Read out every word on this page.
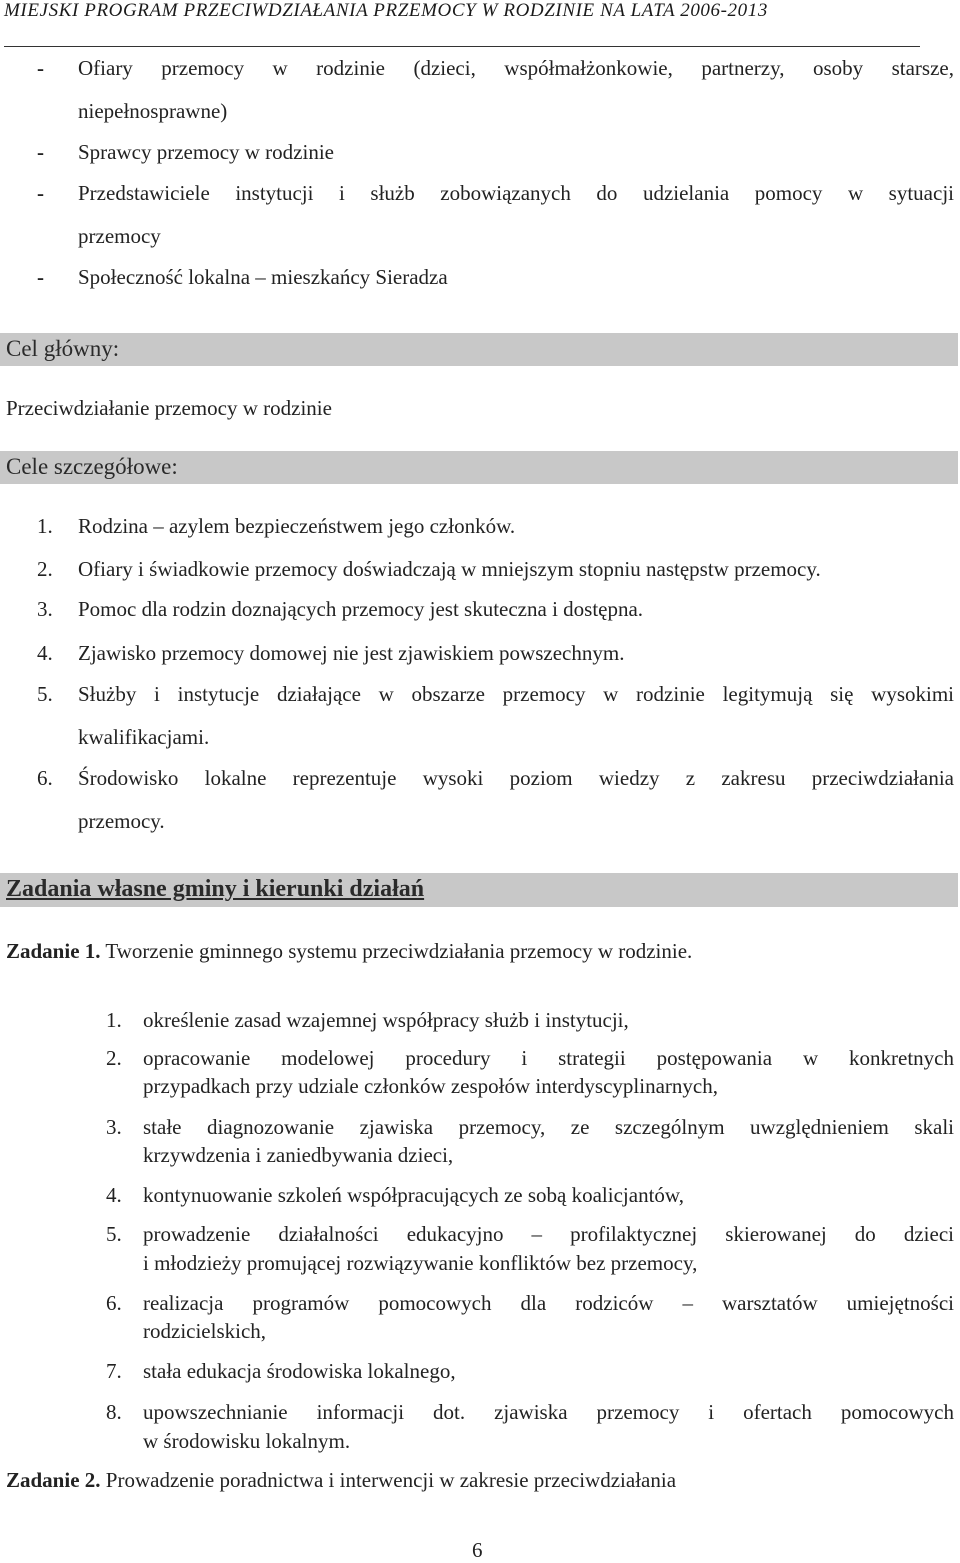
MIEJSKI PROGRAM PRZECIWDZIAŁANIA PRZEMOCY W RODZINIE NA LATA 2006-2013
- Ofiary przemocy w rodzinie (dzieci, współmałżonkowie, partnerzy, osoby starsze,
niepełnosprawne)
- Sprawcy przemocy w rodzinie
- Przedstawiciele instytucji i służb zobowiązanych do udzielania pomocy w sytuacji
przemocy
- Społeczność lokalna – mieszkańcy Sieradza
Cel główny:
Przeciwdziałanie przemocy w rodzinie
Cele szczegółowe:
1. Rodzina – azylem bezpieczeństwem jego członków.
2. Ofiary i świadkowie przemocy doświadczają w mniejszym stopniu następstw przemocy.
3. Pomoc dla rodzin doznających przemocy jest skuteczna i dostępna.
4. Zjawisko przemocy domowej nie jest zjawiskiem powszechnym.
5. Służby i instytucje działające w obszarze przemocy w rodzinie legitymują się wysokimi
kwalifikacjami.
6. Środowisko lokalne reprezentuje wysoki poziom wiedzy z zakresu przeciwdziałania
przemocy.
Zadania własne gminy i kierunki działań
Zadanie 1. Tworzenie gminnego systemu przeciwdziałania przemocy w rodzinie.
1. określenie zasad wzajemnej współpracy służb i instytucji,
2. opracowanie modelowej procedury i strategii postępowania w konkretnych
przypadkach przy udziale członków zespołów interdyscyplinarnych,
3. stałe diagnozowanie zjawiska przemocy, ze szczególnym uwzględnieniem skali
krzywdzenia i zaniedbywania dzieci,
4. kontynuowanie szkoleń współpracujących ze sobą koalicjantów,
5. prowadzenie działalności edukacyjno – profilaktycznej skierowanej do dzieci
i młodzieży promującej rozwiązywanie konfliktów bez przemocy,
6. realizacja programów pomocowych dla rodziców – warsztatów umiejętności
rodzicielskich,
7. stała edukacja środowiska lokalnego,
8. upowszechnianie informacji dot. zjawiska przemocy i ofertach pomocowych
w środowisku lokalnym.
Zadanie 2. Prowadzenie poradnictwa i interwencji w zakresie przeciwdziałania
6
